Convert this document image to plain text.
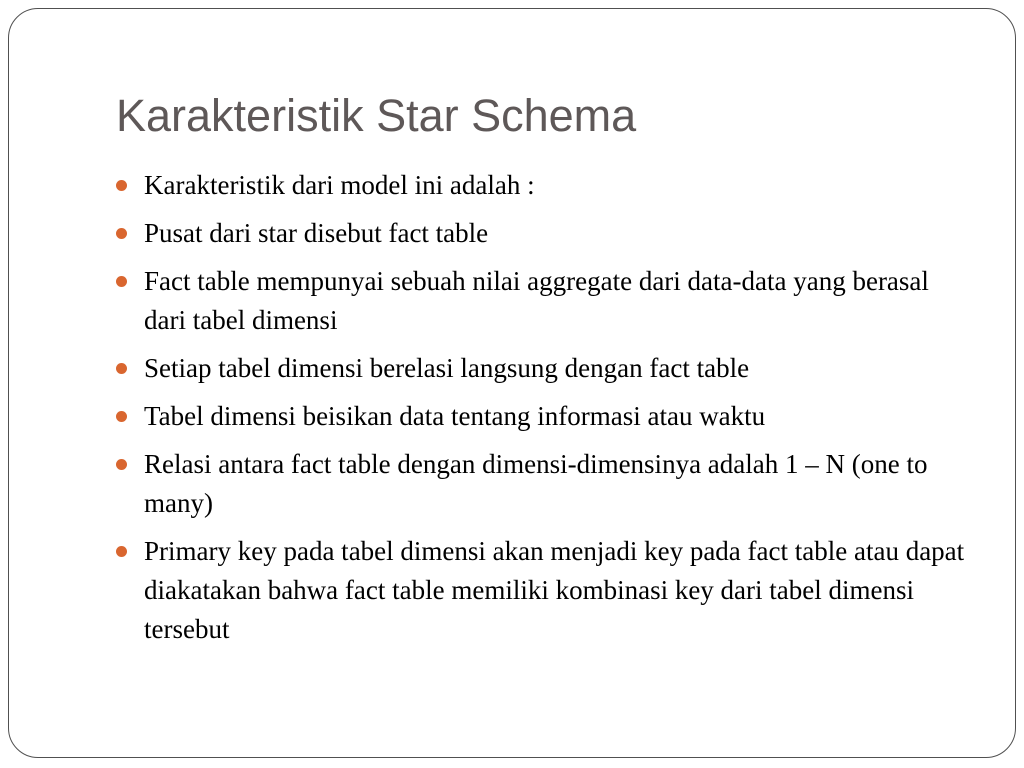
Karakteristik Star Schema
Karakteristik dari model ini adalah :
Pusat dari star disebut fact table
Fact table mempunyai sebuah nilai aggregate dari data-data yang berasal dari tabel dimensi
Setiap tabel dimensi berelasi langsung dengan fact table
Tabel dimensi beisikan data tentang informasi atau waktu
Relasi antara fact table dengan dimensi-dimensinya adalah 1 – N (one to many)
Primary key pada tabel dimensi akan menjadi key pada fact table atau dapat diakatakan bahwa fact table memiliki kombinasi key dari tabel dimensi tersebut
